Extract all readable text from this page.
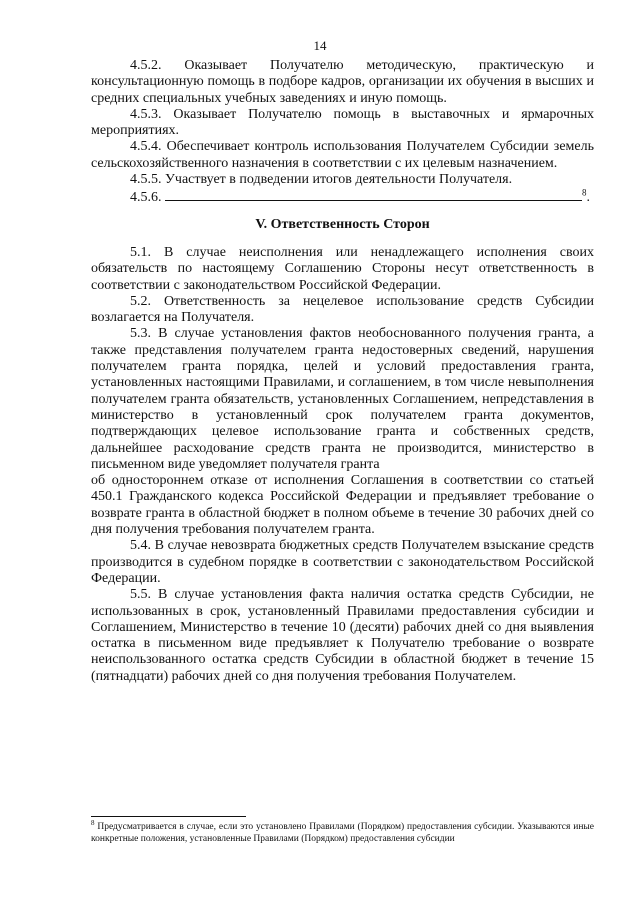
14

4.5.2. Оказывает Получателю методическую, практическую и консультационную помощь в подборе кадров, организации их обучения в высших и средних специальных учебных заведениях и иную помощь.

4.5.3. Оказывает Получателю помощь в выставочных и ярмарочных мероприятиях.

4.5.4. Обеспечивает контроль использования Получателем Субсидии земель сельскохозяйственного назначения в соответствии с их целевым назначением.

4.5.5. Участвует в подведении итогов деятельности Получателя.

4.5.6.	$^8$.

V. Ответственность Сторон

5.1. В случае неисполнения или ненадлежащего исполнения своих обязательств по настоящему Соглашению Стороны несут ответственность в соответствии с законодательством Российской Федерации.

5.2. Ответственность за нецелевое использование средств Субсидии возлагается на Получателя.

5.3. В случае установления фактов необоснованного получения гранта, а также представления получателем гранта недостоверных сведений, нарушения получателем гранта порядка, целей и условий предоставления гранта, установленных настоящими Правилами, и соглашением, в том числе невыполнения получателем гранта обязательств, установленных Соглашением, непредставления в министерство в установленный срок получателем гранта документов, подтверждающих целевое использование гранта и собственных средств, дальнейшее расходование средств гранта не производится, министерство в письменном виде уведомляет получателя гранта

об одностороннем отказе от исполнения Соглашения в соответствии со статьей 450.1 Гражданского кодекса Российской Федерации и предъявляет требование о возврате гранта в областной бюджет в полном объеме в течение 30 рабочих дней со дня получения требования получателем гранта.

5.4. В случае невозврата бюджетных средств Получателем взыскание средств производится в судебном порядке в соответствии с законодательством Российской Федерации.

5.5. В случае установления факта наличия остатка средств Субсидии, не использованных в срок, установленный Правилами предоставления субсидии и Соглашением, Министерство в течение 10 (десяти) рабочих дней со дня выявления остатка в письменном виде предъявляет к Получателю требование о возврате неиспользованного остатка средств Субсидии в областной бюджет в течение 15 (пятнадцати) рабочих дней со дня получения требования Получателем.

$^8$ Предусматривается в случае, если это установлено Правилами (Порядком) предоставления субсидии. Указываются иные конкретные положения, установленные Правилами (Порядком) предоставления субсидии
